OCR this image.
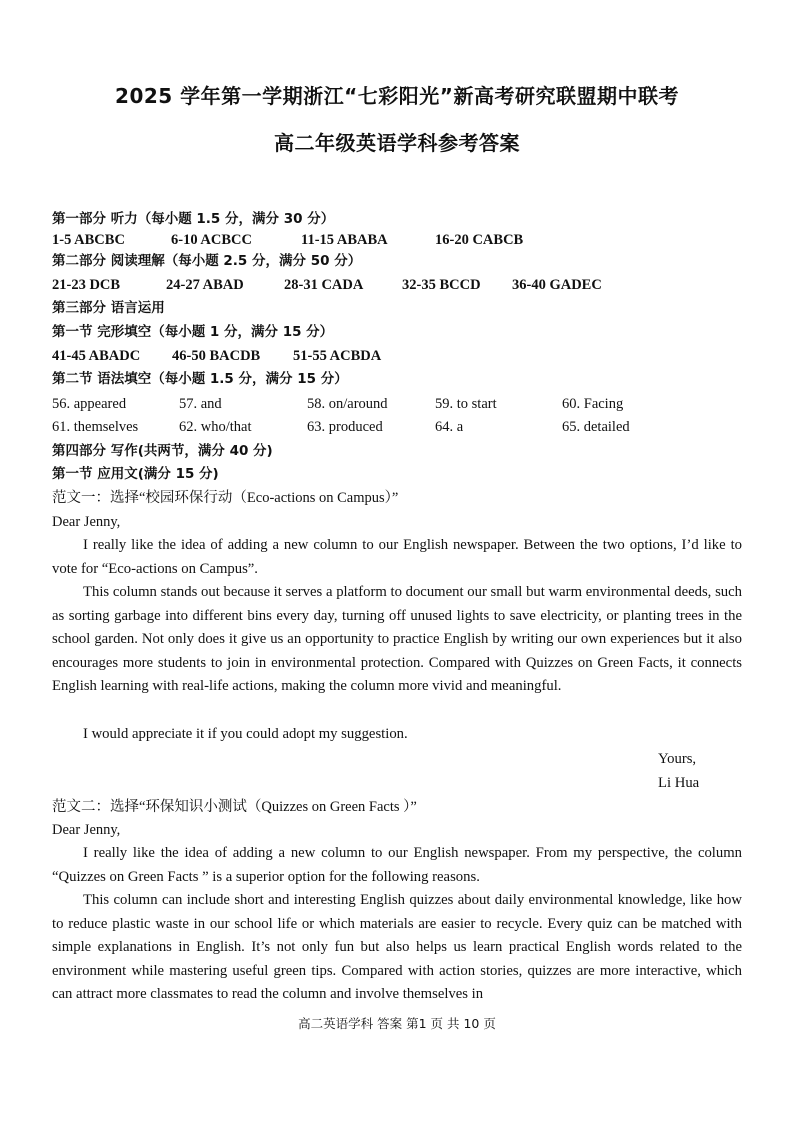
2025 学年第一学期浙江“七彩阳光”新高考研究联盟期中联考
高二年级英语学科参考答案
第一部分 听力（每小题 1.5 分，满分 30 分）
1-5 ABCBC	6-10 ACBCC	11-15 ABABA	16-20 CABCB
第二部分 阅读理解（每小题 2.5 分，满分 50 分）
21-23 DCB	24-27 ABAD	28-31 CADA	32-35 BCCD	36-40 GADEC
第三部分 语言运用
第一节 完形填空（每小题 1 分，满分 15 分）
41-45 ABADC	46-50 BACDB	51-55 ACBDA
第二节 语法填空（每小题 1.5 分，满分 15 分）
56. appeared	57. and	58. on/around	59. to start	60. Facing
61. themselves	62. who/that	63. produced	64. a	65. detailed
第四部分 写作(共两节，满分 40 分)
第一节 应用文(满分 15 分)
范文一：选择“校园环保行动（Eco-actions on Campus）”
Dear Jenny,
I really like the idea of adding a new column to our English newspaper. Between the two options, I’d like to vote for “Eco-actions on Campus”.
This column stands out because it serves a platform to document our small but warm environmental deeds, such as sorting garbage into different bins every day, turning off unused lights to save electricity, or planting trees in the school garden. Not only does it give us an opportunity to practice English by writing our own experiences but it also encourages more students to join in environmental protection. Compared with Quizzes on Green Facts, it connects English learning with real-life actions, making the column more vivid and meaningful.
I would appreciate it if you could adopt my suggestion.
Yours,
Li Hua
范文二：选择“环保知识小测试（Quizzes on Green Facts ）”
Dear Jenny,
I really like the idea of adding a new column to our English newspaper. From my perspective, the column “Quizzes on Green Facts ” is a superior option for the following reasons.
This column can include short and interesting English quizzes about daily environmental knowledge, like how to reduce plastic waste in our school life or which materials are easier to recycle. Every quiz can be matched with simple explanations in English. It’s not only fun but also helps us learn practical English words related to the environment while mastering useful green tips. Compared with action stories, quizzes are more interactive, which can attract more classmates to read the column and involve themselves in
高二英语学科 答案 第1 页 共 10 页
